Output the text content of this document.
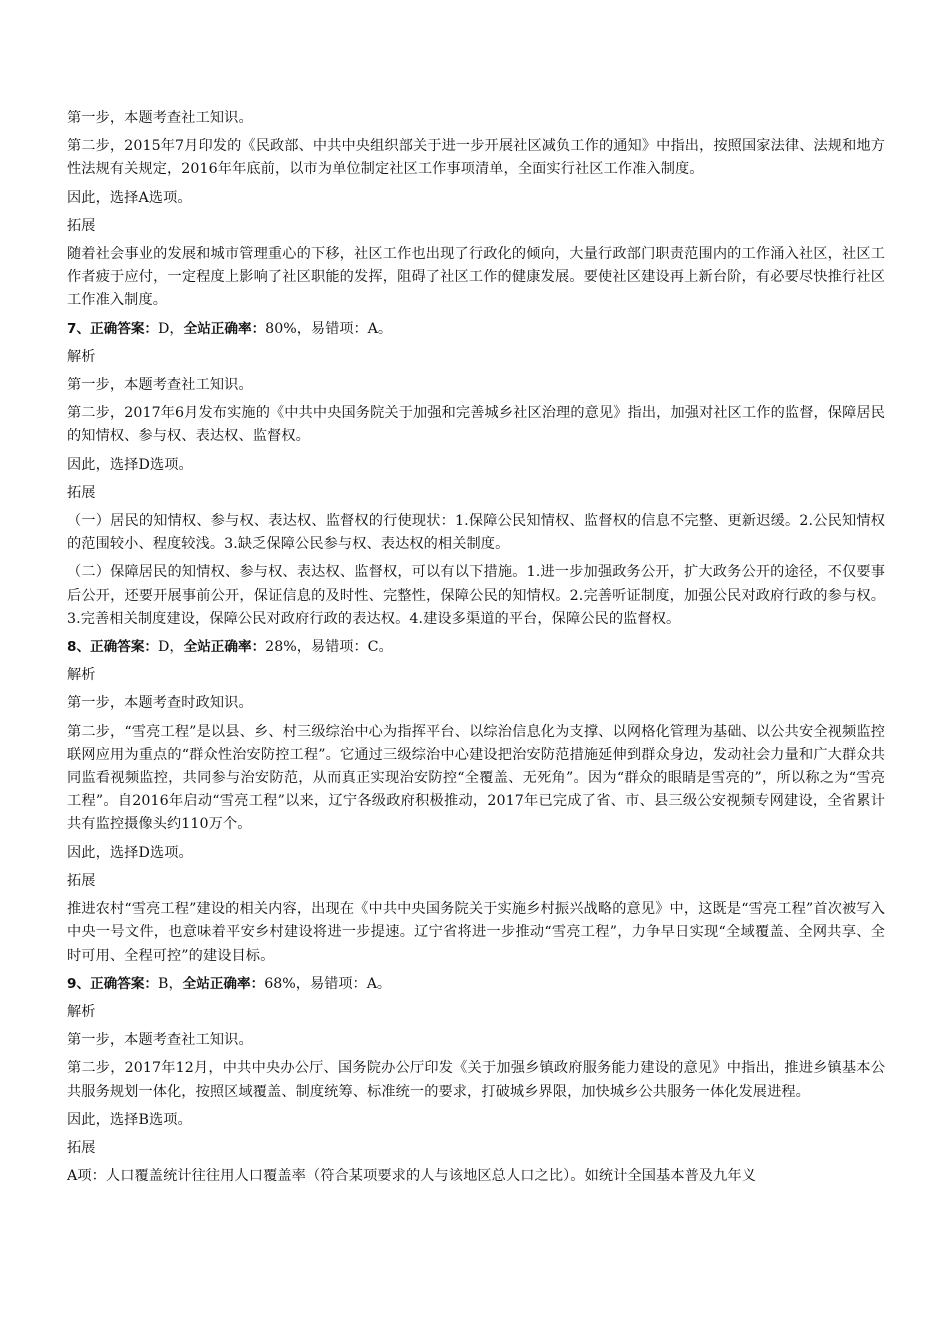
第一步，本题考查社工知识。

第二步，2015年7月印发的《民政部、中共中央组织部关于进一步开展社区减负工作的通知》中指出，按照国家法律、法规和地方性法规有关规定，2016年年底前，以市为单位制定社区工作事项清单，全面实行社区工作准入制度。

因此，选择A选项。

拓展

随着社会事业的发展和城市管理重心的下移，社区工作也出现了行政化的倾向，大量行政部门职责范围内的工作涌入社区，社区工作者疲于应付，一定程度上影响了社区职能的发挥，阻碍了社区工作的健康发展。要使社区建设再上新台阶，有必要尽快推行社区工作准入制度。

7、正确答案：D，全站正确率：80%，易错项：A。

解析

第一步，本题考查社工知识。

第二步，2017年6月发布实施的《中共中央国务院关于加强和完善城乡社区治理的意见》指出，加强对社区工作的监督，保障居民的知情权、参与权、表达权、监督权。

因此，选择D选项。

拓展

（一）居民的知情权、参与权、表达权、监督权的行使现状：1.保障公民知情权、监督权的信息不完整、更新迟缓。2.公民知情权的范围较小、程度较浅。3.缺乏保障公民参与权、表达权的相关制度。

（二）保障居民的知情权、参与权、表达权、监督权，可以有以下措施。1.进一步加强政务公开，扩大政务公开的途径，不仅要事后公开，还要开展事前公开，保证信息的及时性、完整性，保障公民的知情权。2.完善听证制度，加强公民对政府行政的参与权。3.完善相关制度建设，保障公民对政府行政的表达权。4.建设多渠道的平台，保障公民的监督权。

8、正确答案：D，全站正确率：28%，易错项：C。

解析

第一步，本题考查时政知识。

第二步，“雪亮工程”是以县、乡、村三级综治中心为指挥平台、以综治信息化为支撑、以网格化管理为基础、以公共安全视频监控联网应用为重点的“群众性治安防控工程”。它通过三级综治中心建设把治安防范措施延伸到群众身边，发动社会力量和广大群众共同监看视频监控，共同参与治安防范，从而真正实现治安防控“全覆盖、无死角”。因为“群众的眼睛是雪亮的”，所以称之为“雪亮工程”。自2016年启动“雪亮工程”以来，辽宁各级政府积极推动，2017年已完成了省、市、县三级公安视频专网建设，全省累计共有监控摄像头约110万个。

因此，选择D选项。

拓展

推进农村“雪亮工程”建设的相关内容，出现在《中共中央国务院关于实施乡村振兴战略的意见》中，这既是“雪亮工程”首次被写入中央一号文件，也意味着平安乡村建设将进一步提速。辽宁省将进一步推动“雪亮工程”，力争早日实现“全域覆盖、全网共享、全时可用、全程可控”的建设目标。

9、正确答案：B，全站正确率：68%，易错项：A。

解析

第一步，本题考查社工知识。

第二步，2017年12月，中共中央办公厅、国务院办公厅印发《关于加强乡镇政府服务能力建设的意见》中指出，推进乡镇基本公共服务规划一体化，按照区域覆盖、制度统筹、标准统一的要求，打破城乡界限，加快城乡公共服务一体化发展进程。

因此，选择B选项。

拓展

A项：人口覆盖统计往往用人口覆盖率（符合某项要求的人与该地区总人口之比）。如统计全国基本普及九年义
